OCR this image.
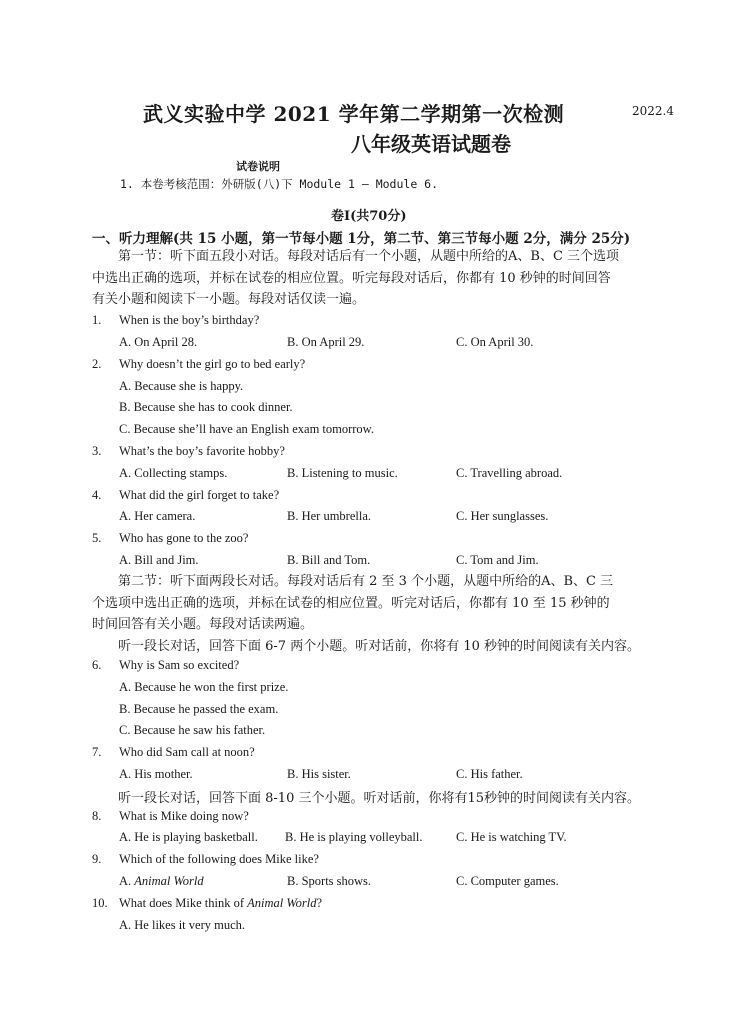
武义实验中学 2021 学年第二学期第一次检测	2022.4
八年级英语试题卷
试卷说明
1. 本卷考核范围：外研版(八)下 Module 1 — Module 6.
卷I(共70分)
一、听力理解(共 15 小题，第一节每小题 1分，第二节、第三节每小题 2分，满分 25分)
第一节：听下面五段小对话。每段对话后有一个小题，从题中所给的A、B、C 三个选项
中选出正确的选项，并标在试卷的相应位置。听完每段对话后，你都有 10 秒钟的时间回答
有关小题和阅读下一小题。每段对话仅读一遍。
1. When is the boy’s birthday?
A. On April 28.	B. On April 29.	C. On April 30.
2. Why doesn’t the girl go to bed early?
A. Because she is happy.
B. Because she has to cook dinner.
C. Because she’ll have an English exam tomorrow.
3. What’s the boy’s favorite hobby?
A. Collecting stamps.	B. Listening to music.	C. Travelling abroad.
4. What did the girl forget to take?
A. Her camera.	B. Her umbrella.	C. Her sunglasses.
5. Who has gone to the zoo?
A. Bill and Jim.	B. Bill and Tom.	C. Tom and Jim.
第二节：听下面两段长对话。每段对话后有 2 至 3 个小题，从题中所给的A、B、C 三
个选项中选出正确的选项，并标在试卷的相应位置。听完对话后，你都有 10 至 15 秒钟的
时间回答有关小题。每段对话读两遍。
听一段长对话，回答下面 6-7 两个小题。听对话前，你将有 10 秒钟的时间阅读有关内容。
6. Why is Sam so excited?
A. Because he won the first prize.
B. Because he passed the exam.
C. Because he saw his father.
7. Who did Sam call at noon?
A. His mother.	B. His sister.	C. His father.
听一段长对话，回答下面 8-10 三个小题。听对话前，你将有15秒钟的时间阅读有关内容。
8. What is Mike doing now?
A. He is playing basketball. B. He is playing volleyball.	C. He is watching TV.
9. Which of the following does Mike like?
A. Animal World	B. Sports shows.	C. Computer games.
10. What does Mike think of Animal World?
A. He likes it very much.
